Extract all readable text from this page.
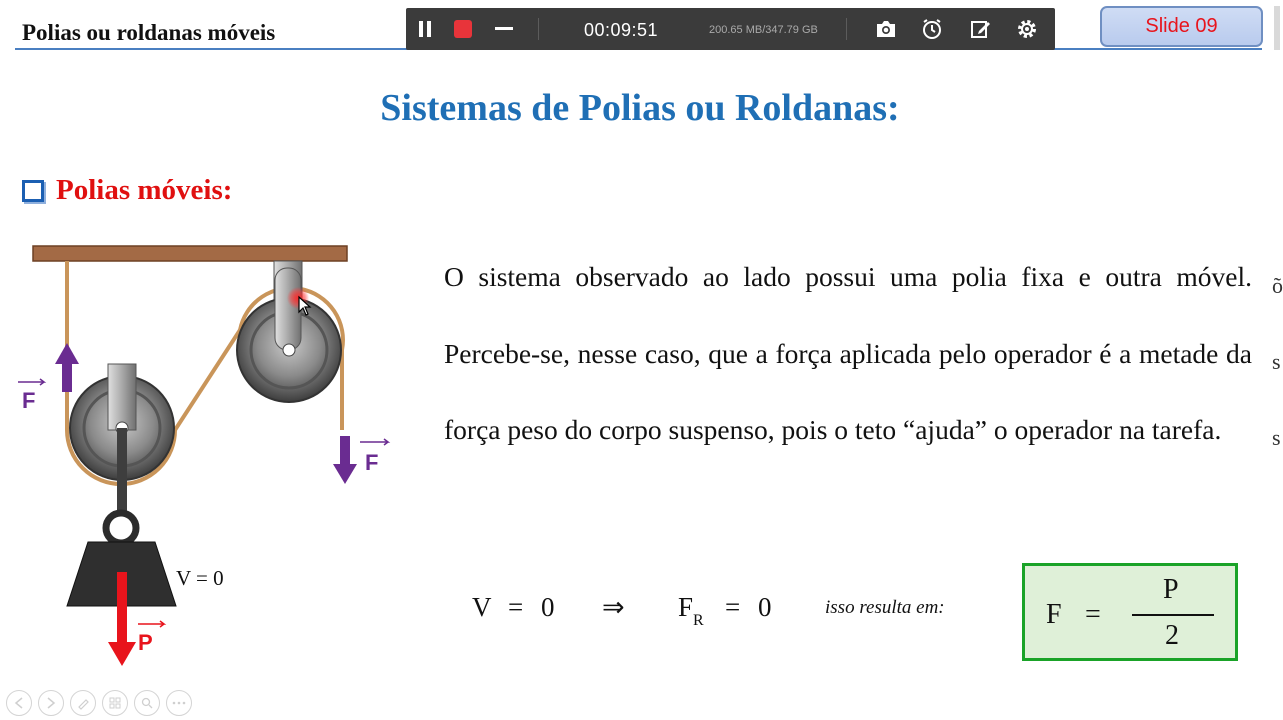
Polias ou roldanas móveis	00:09:51	200.65 MB/347.79 GB	Slide 09
Sistemas de Polias ou Roldanas:
Polias móveis:
P
F
F
V = 0
O sistema observado ao lado possui uma polia fixa e outra móvel. Percebe-se, nesse caso, que a força aplicada pelo operador é a metade da força peso do corpo suspenso, pois o teto “ajuda” o operador na tarefa.
õ
s
s
V = 0 ⇒ F R = 0	isso resulta em:	F =
P
2
